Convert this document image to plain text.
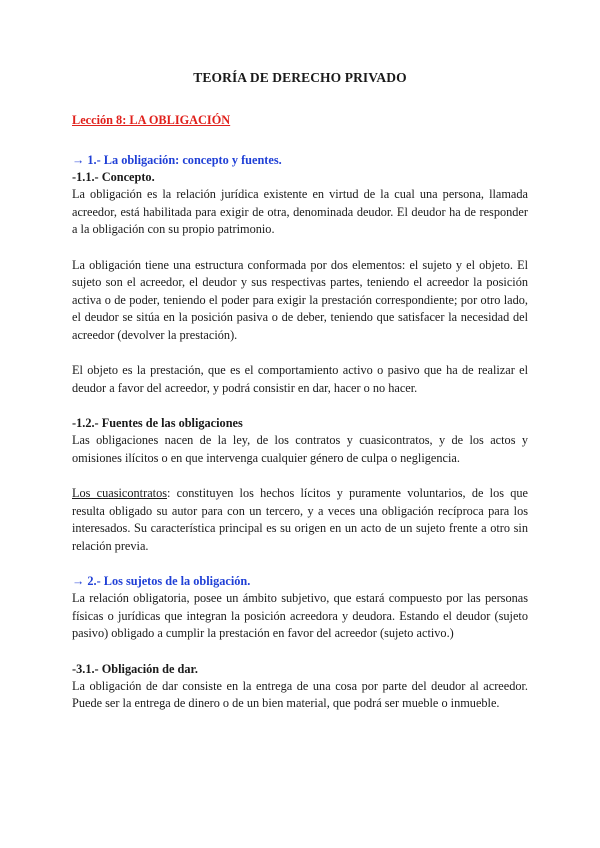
TEORÍA DE DERECHO PRIVADO
Lección 8: LA OBLIGACIÓN
→ 1.- La obligación: concepto y fuentes.
-1.1.- Concepto.

La obligación es la relación jurídica existente en virtud de la cual una persona, llamada acreedor, está habilitada para exigir de otra, denominada deudor. El deudor ha de responder a la obligación con su propio patrimonio.

La obligación tiene una estructura conformada por dos elementos: el sujeto y el objeto. El sujeto son el acreedor, el deudor y sus respectivas partes, teniendo el acreedor la posición activa o de poder, teniendo el poder para exigir la prestación correspondiente; por otro lado, el deudor se sitúa en la posición pasiva o de deber, teniendo que satisfacer la necesidad del acreedor (devolver la prestación).

El objeto es la prestación, que es el comportamiento activo o pasivo que ha de realizar el deudor a favor del acreedor, y podrá consistir en dar, hacer o no hacer.

-1.2.- Fuentes de las obligaciones

Las obligaciones nacen de la ley, de los contratos y cuasicontratos, y de los actos y omisiones ilícitos o en que intervenga cualquier género de culpa o negligencia.

Los cuasicontratos: constituyen los hechos lícitos y puramente voluntarios, de los que resulta obligado su autor para con un tercero, y a veces una obligación recíproca para los interesados. Su característica principal es su origen en un acto de un sujeto frente a otro sin relación previa.

→ 2.- Los sujetos de la obligación.

La relación obligatoria, posee un ámbito subjetivo, que estará compuesto por las personas físicas o jurídicas que integran la posición acreedora y deudora. Estando el deudor (sujeto pasivo) obligado a cumplir la prestación en favor del acreedor (sujeto activo.)

-3.1.- Obligación de dar.

La obligación de dar consiste en la entrega de una cosa por parte del deudor al acreedor. Puede ser la entrega de dinero o de un bien material, que podrá ser mueble o inmueble.
